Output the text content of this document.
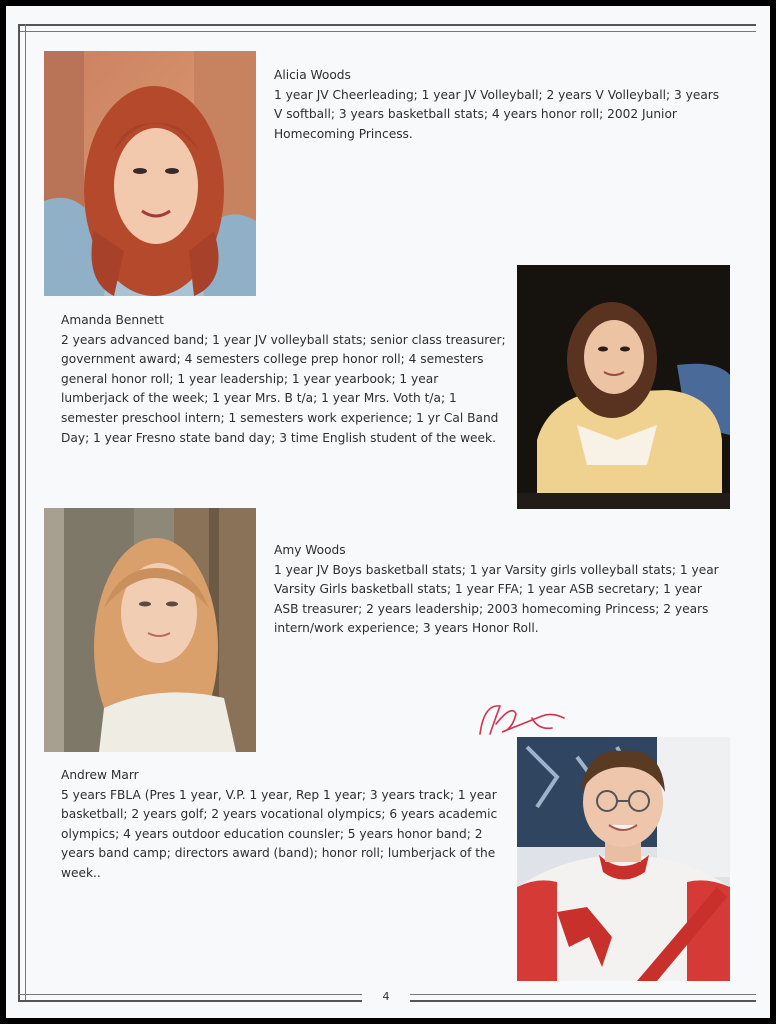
4
Alicia Woods
1 year JV Cheerleading; 1 year JV Volleyball; 2 years V Volleyball; 3 years V softball; 3 years basketball stats; 4 years honor roll; 2002 Junior Homecoming Princess.
Amanda Bennett
2 years advanced band; 1 year JV volleyball stats; senior class treasurer; government award; 4 semesters college prep honor roll; 4 semesters general honor roll; 1 year leadership; 1 year yearbook; 1 year lumberjack of the week; 1 year Mrs. B t/a; 1 year Mrs. Voth t/a; 1 semester preschool intern; 1 semesters work experience; 1 yr Cal Band Day; 1 year Fresno state band day; 3 time English student of the week.
Amy Woods
1 year JV Boys basketball stats; 1 yar Varsity girls volleyball stats; 1 year Varsity Girls basketball stats; 1 year FFA; 1 year ASB secretary; 1 year ASB treasurer; 2 years leadership; 2003 homecoming Princess; 2 years intern/work experience; 3 years Honor Roll.
Andrew Marr
5 years FBLA (Pres 1 year, V.P. 1 year, Rep 1 year; 3 years track; 1 year basketball; 2 years golf; 2 years vocational olympics; 6 years academic olympics; 4 years outdoor education counsler; 5 years honor band; 2 years band camp; directors award (band); honor roll; lumberjack of the week..
